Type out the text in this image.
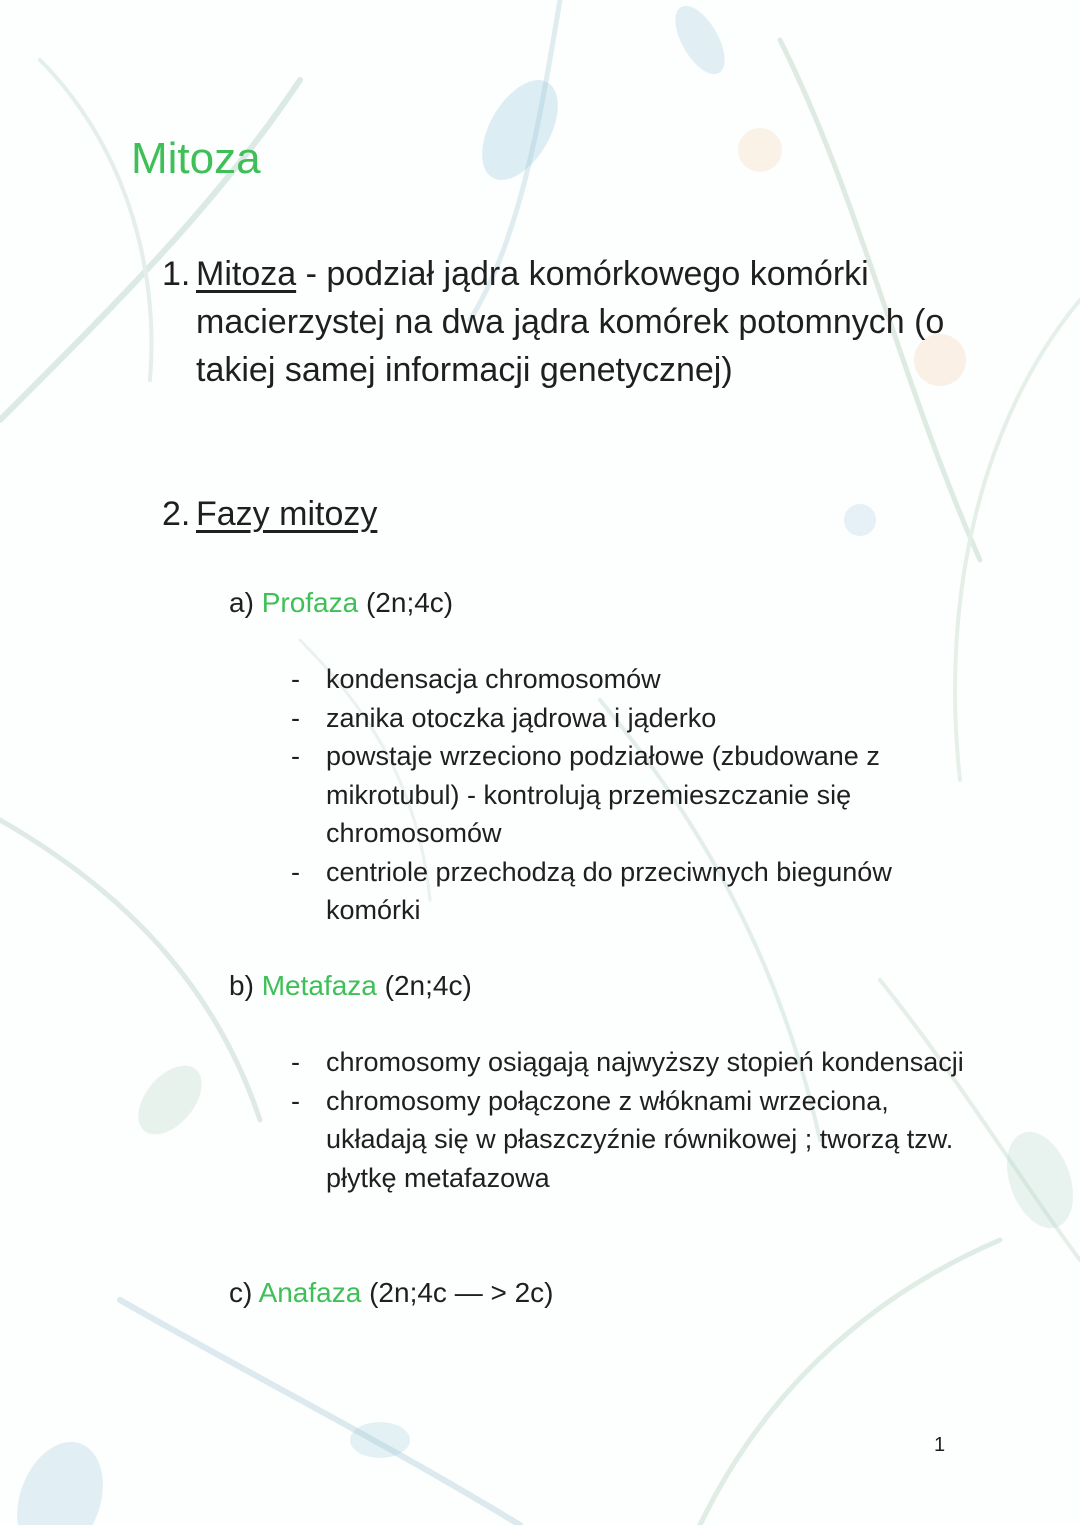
Mitoza
1. Mitoza - podział jądra komórkowego komórki macierzystej na dwa jądra komórek potomnych (o takiej samej informacji genetycznej)
2. Fazy mitozy
a) Profaza (2n;4c)
- kondensacja chromosomów
- zanika otoczka jądrowa i jąderko
- powstaje wrzeciono podziałowe (zbudowane z mikrotubul) - kontrolują przemieszczanie się chromosomów
- centriole przechodzą do przeciwnych biegunów komórki
b) Metafaza (2n;4c)
- chromosomy osiągają najwyższy stopień kondensacji
- chromosomy połączone z włóknami wrzeciona, układają się w płaszczyźnie równikowej ; tworzą tzw. płytkę metafazowa
c) Anafaza (2n;4c — > 2c)
1
